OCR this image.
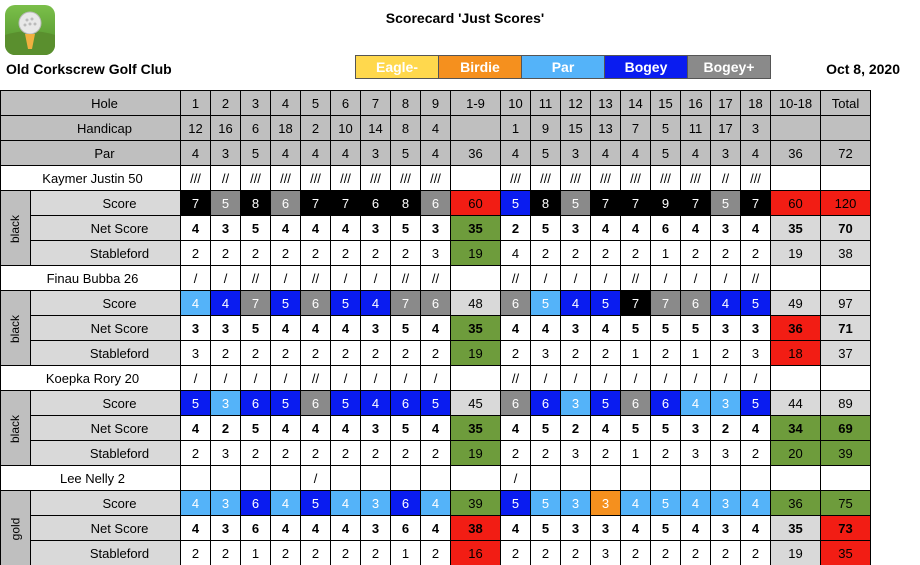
Scorecard 'Just Scores'
Old Corkscrew Golf Club	Oct 8, 2020
Eagle-	Birdie	Par	Bogey	Bogey+
Hole		1	2	3	4	5	6	7	8	9	1-9	10	11	12	13	14	15	16	17	18	10-18	Total
Handicap		12	16	6	18	2	10	14	8	4		1	9	15	13	7	5	11	17	3		
Par		4	3	5	4	4	4	3	5	4	36	4	5	3	4	4	5	4	3	4	36	72
Kaymer Justin 50		///	//	///	///	///	///	///	///	///		///	///	///	///	///	///	///	//	///		
black	Score	7	5	8	6	7	7	6	8	6	60	5	8	5	7	7	9	7	5	7	60	120
	Net Score	4	3	5	4	4	4	3	5	3	35	2	5	3	4	4	6	4	3	4	35	70
	Stableford	2	2	2	2	2	2	2	2	3	19	4	2	2	2	2	1	2	2	2	19	38
Finau Bubba 26		/	/	//	/	//	/	/	//	//		//	/	/	/	//	/	/	/	//		
black	Score	4	4	7	5	6	5	4	7	6	48	6	5	4	5	7	7	6	4	5	49	97
	Net Score	3	3	5	4	4	4	3	5	4	35	4	4	3	4	5	5	5	3	3	36	71
	Stableford	3	2	2	2	2	2	2	2	2	19	2	3	2	2	1	2	1	2	3	18	37
Koepka Rory 20		/	/	/	/	//	/	/	/	/		//	/	/	/	/	/	/	/	/		
black	Score	5	3	6	5	6	5	4	6	5	45	6	6	3	5	6	6	4	3	5	44	89
	Net Score	4	2	5	4	4	4	3	5	4	35	4	5	2	4	5	5	3	2	4	34	69
	Stableford	2	3	2	2	2	2	2	2	2	19	2	2	3	2	1	2	3	3	2	20	39
Lee Nelly 2						/						/										
gold	Score	4	3	6	4	5	4	3	6	4	39	5	5	3	3	4	5	4	3	4	36	75
	Net Score	4	3	6	4	4	4	3	6	4	38	4	5	3	3	4	5	4	3	4	35	73
	Stableford	2	2	1	2	2	2	2	1	2	16	2	2	2	3	2	2	2	2	2	19	35
